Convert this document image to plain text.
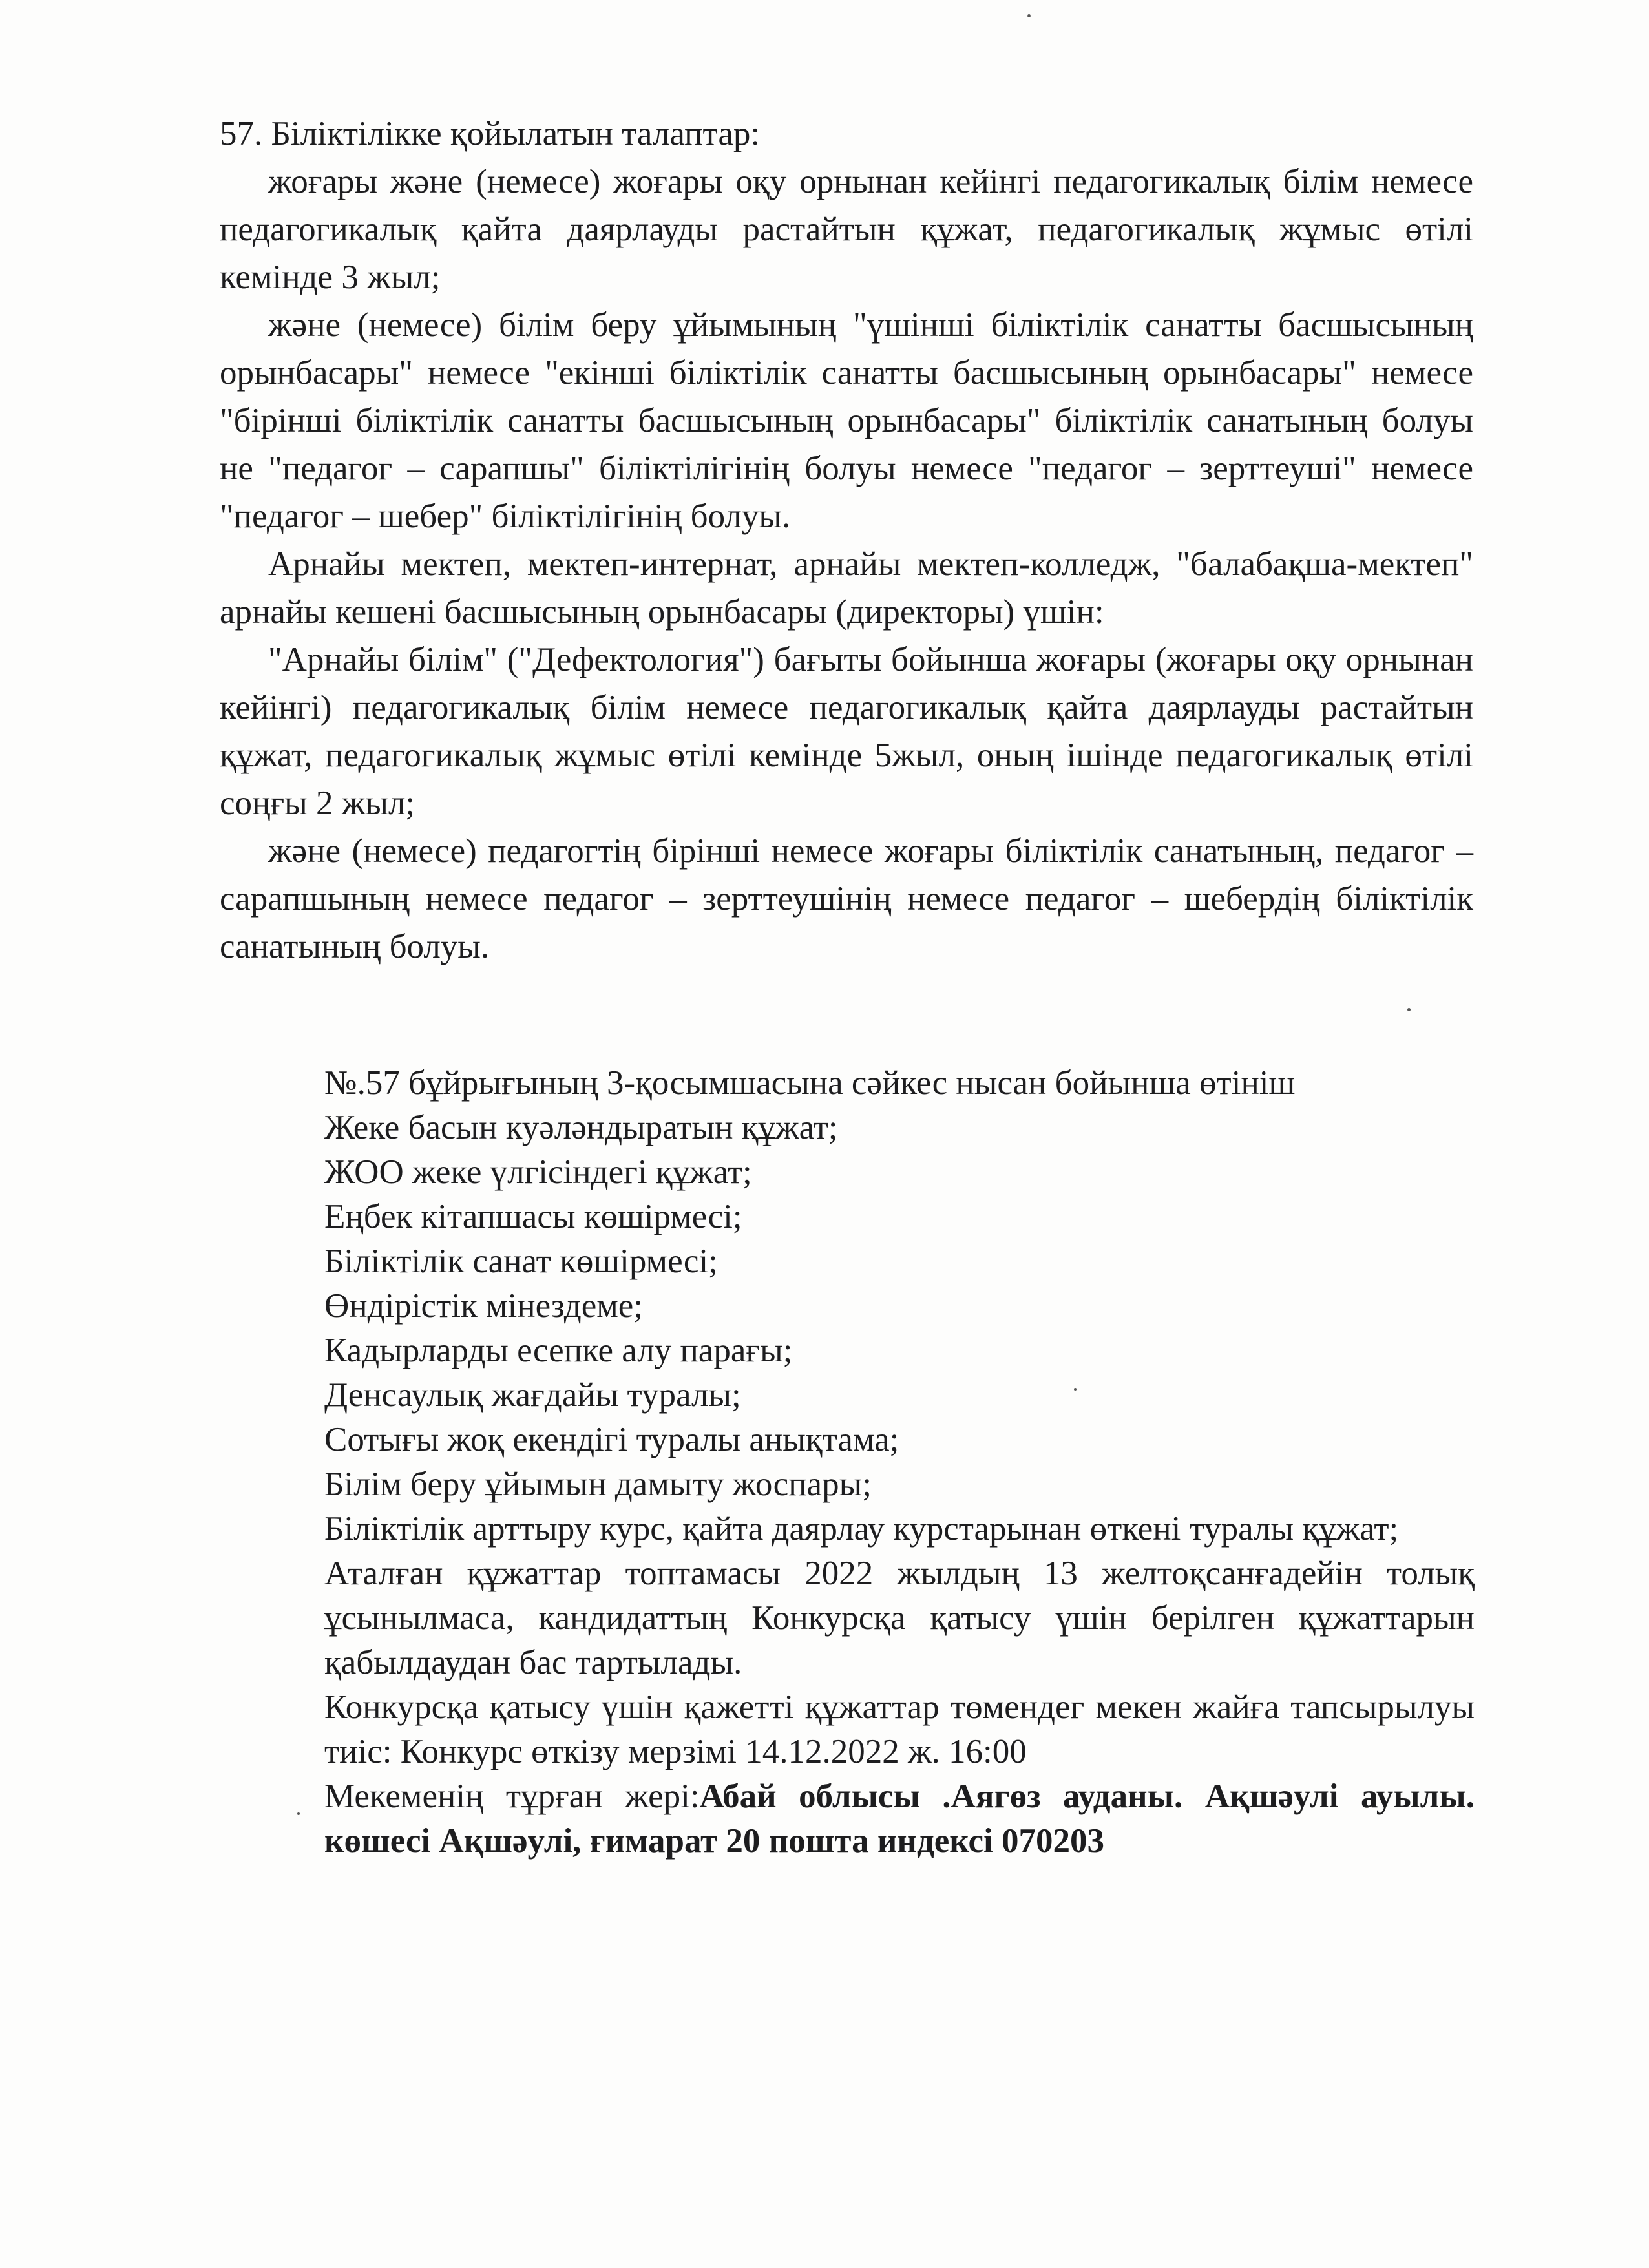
57. Біліктілікке қойылатын талаптар:

жоғары және (немесе) жоғары оқу орнынан кейінгі педагогикалық білім немесе педагогикалық қайта даярлауды растайтын құжат, педагогикалық жұмыс өтілі кемінде 3 жыл;

және (немесе) білім беру ұйымының "үшінші біліктілік санатты басшысының орынбасары" немесе "екінші біліктілік санатты басшысының орынбасары" немесе "бірінші біліктілік санатты басшысының орынбасары" біліктілік санатының болуы не "педагог – сарапшы" біліктілігінің болуы немесе "педагог – зерттеуші" немесе "педагог – шебер" біліктілігінің болуы.

Арнайы мектеп, мектеп-интернат, арнайы мектеп-колледж, "балабақша-мектеп" арнайы кешені басшысының орынбасары (директоры) үшін:

"Арнайы білім" ("Дефектология") бағыты бойынша жоғары (жоғары оқу орнынан кейінгі) педагогикалық білім немесе педагогикалық қайта даярлауды растайтын құжат, педагогикалық жұмыс өтілі кемінде 5жыл, оның ішінде педагогикалық өтілі соңғы 2 жыл;

және (немесе) педагогтің бірінші немесе жоғары біліктілік санатының, педагог – сарапшының немесе педагог – зерттеушінің немесе педагог – шебердің біліктілік санатының болуы.

№.57 бұйрығының 3-қосымшасына сәйкес нысан бойынша өтініш

Жеке басын куәләндыратын құжат;

ЖОО жеке үлгісіндегі құжат;

Еңбек кітапшасы көшірмесі;

Біліктілік санат көшірмесі;

Өндірістік мінездеме;

Кадырларды есепке алу парағы;

Денсаулық жағдайы туралы;

Сотығы жоқ екендігі туралы анықтама;

Білім беру ұйымын дамыту жоспары;

Біліктілік арттыру курс, қайта даярлау курстарынан өткені туралы құжат;

Аталған құжаттар топтамасы 2022 жылдың 13 желтоқсанғадейін толық ұсынылмаса, кандидаттың Конкурсқа қатысу үшін берілген құжаттарын қабылдаудан бас тартылады.

Конкурсқа қатысу үшін қажетті құжаттар төмендег мекен жайға тапсырылуы тиіс: Конкурс өткізу мерзімі 14.12.2022 ж. 16:00

Мекеменің тұрған жері:Абай облысы .Аягөз ауданы. Ақшәулі ауылы. көшесі Ақшәулі, ғимарат 20 пошта индексі 070203
